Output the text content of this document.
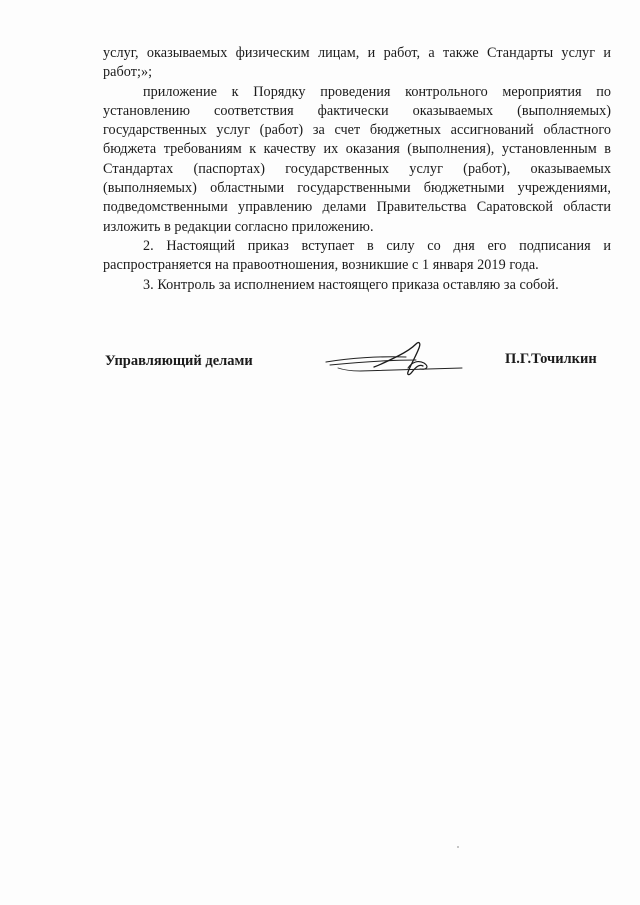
услуг, оказываемых физическим лицам, и работ, а также Стандарты услуг и работ;»;

приложение к Порядку проведения контрольного мероприятия по установлению соответствия фактически оказываемых (выполняемых) государственных услуг (работ) за счет бюджетных ассигнований областного бюджета требованиям к качеству их оказания (выполнения), установленным в Стандартах (паспортах) государственных услуг (работ), оказываемых (выполняемых) областными государственными бюджетными учреждениями, подведомственными управлению делами Правительства Саратовской области изложить в редакции согласно приложению.

2. Настоящий приказ вступает в силу со дня его подписания и распространяется на правоотношения, возникшие с 1 января 2019 года.

3. Контроль за исполнением настоящего приказа оставляю за собой.

Управляющий делами	П.Г.Точилкин
